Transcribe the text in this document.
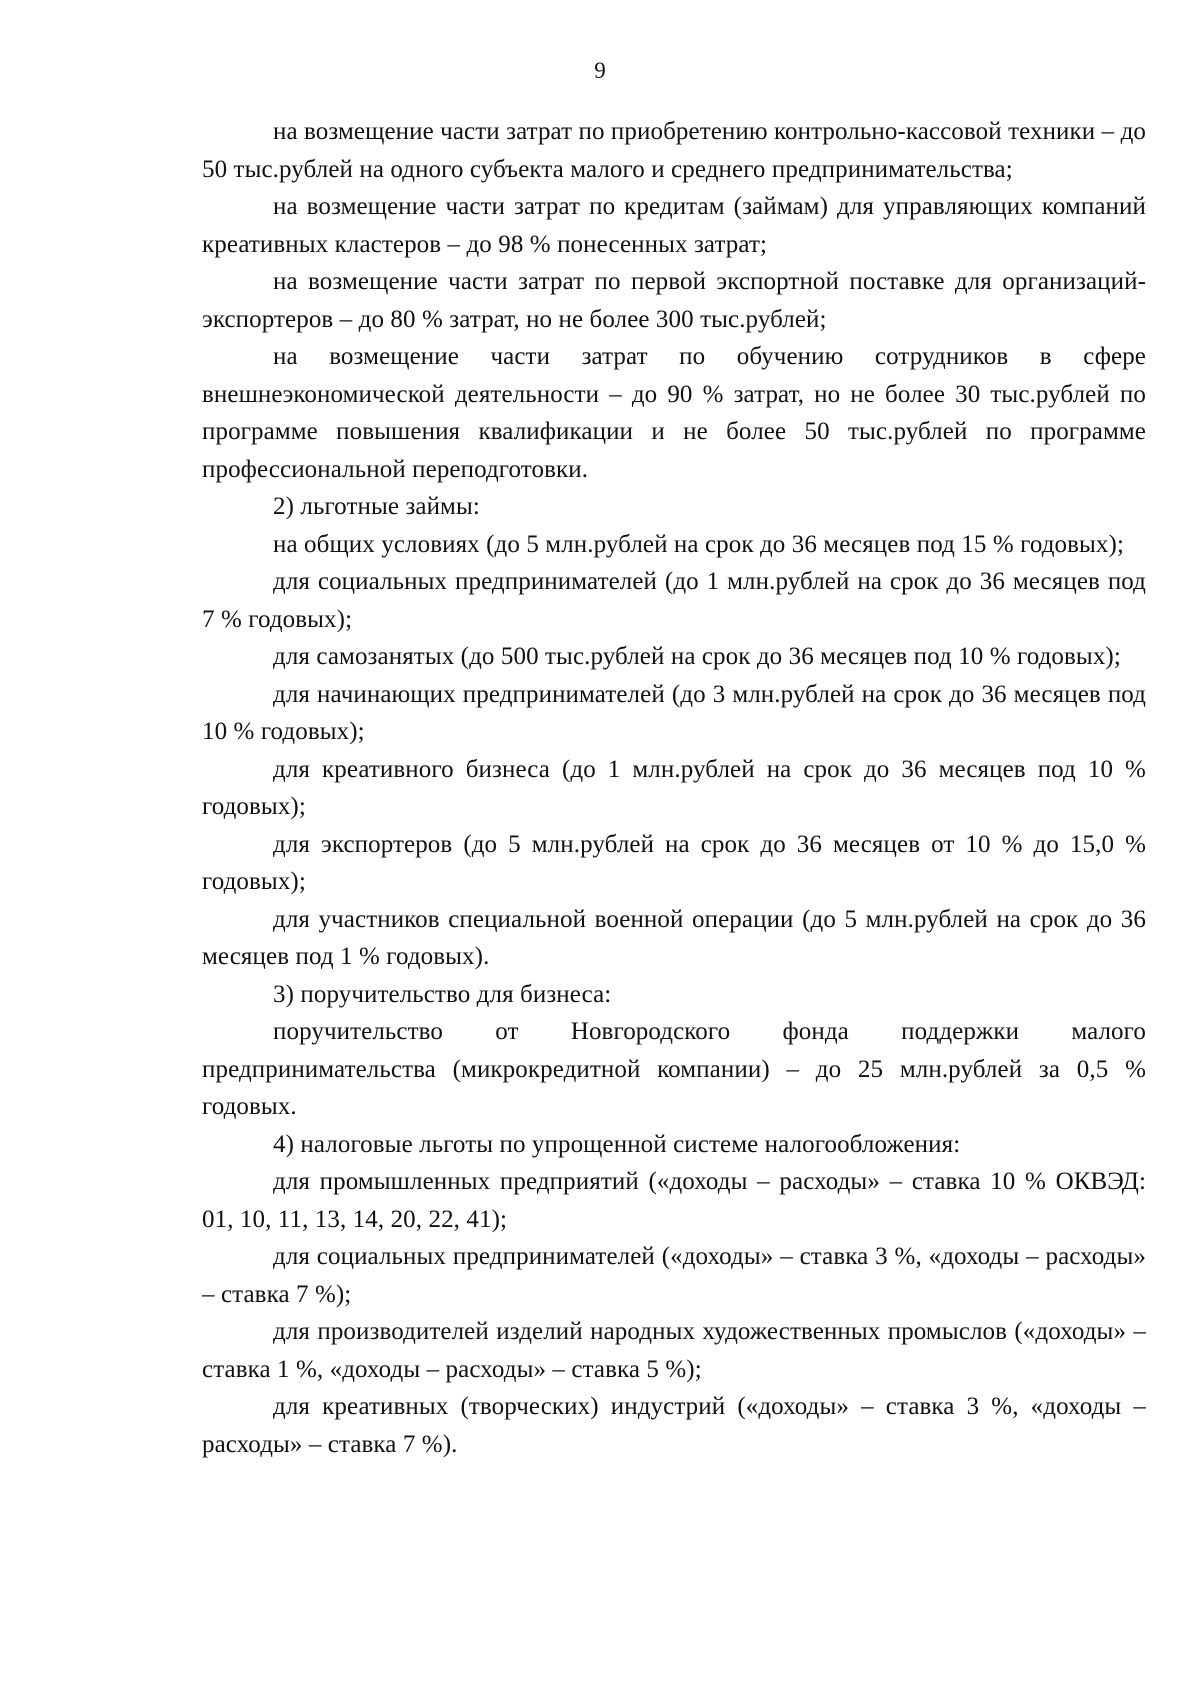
9

на возмещение части затрат по приобретению контрольно-кассовой техники – до 50 тыс.рублей на одного субъекта малого и среднего предпринимательства;

на возмещение части затрат по кредитам (займам) для управляющих компаний креативных кластеров – до 98 % понесенных затрат;

на возмещение части затрат по первой экспортной поставке для организаций-экспортеров – до 80 % затрат, но не более 300 тыс.рублей;

на возмещение части затрат по обучению сотрудников в сфере внешнеэкономической деятельности – до 90 % затрат, но не более 30 тыс.рублей по программе повышения квалификации и не более 50 тыс.рублей по программе профессиональной переподготовки.

2) льготные займы:

на общих условиях (до 5 млн.рублей на срок до 36 месяцев под 15 % годовых);

для социальных предпринимателей (до 1 млн.рублей на срок до 36 месяцев под 7 % годовых);

для самозанятых (до 500 тыс.рублей на срок до 36 месяцев под 10 % годовых);

для начинающих предпринимателей (до 3 млн.рублей на срок до 36 месяцев под 10 % годовых);

для креативного бизнеса (до 1 млн.рублей на срок до 36 месяцев под 10 % годовых);

для экспортеров (до 5 млн.рублей на срок до 36 месяцев от 10 % до 15,0 % годовых);

для участников специальной военной операции (до 5 млн.рублей на срок до 36 месяцев под 1 % годовых).

3) поручительство для бизнеса:

поручительство от Новгородского фонда поддержки малого предпринимательства (микрокредитной компании) – до 25 млн.рублей за 0,5 % годовых.

4) налоговые льготы по упрощенной системе налогообложения:

для промышленных предприятий («доходы – расходы» – ставка 10 % ОКВЭД: 01, 10, 11, 13, 14, 20, 22, 41);

для социальных предпринимателей («доходы» – ставка 3 %, «доходы – расходы» – ставка 7 %);

для производителей изделий народных художественных промыслов («доходы» – ставка 1 %, «доходы – расходы» – ставка 5 %);

для креативных (творческих) индустрий («доходы» – ставка 3 %, «доходы – расходы» – ставка 7 %).
